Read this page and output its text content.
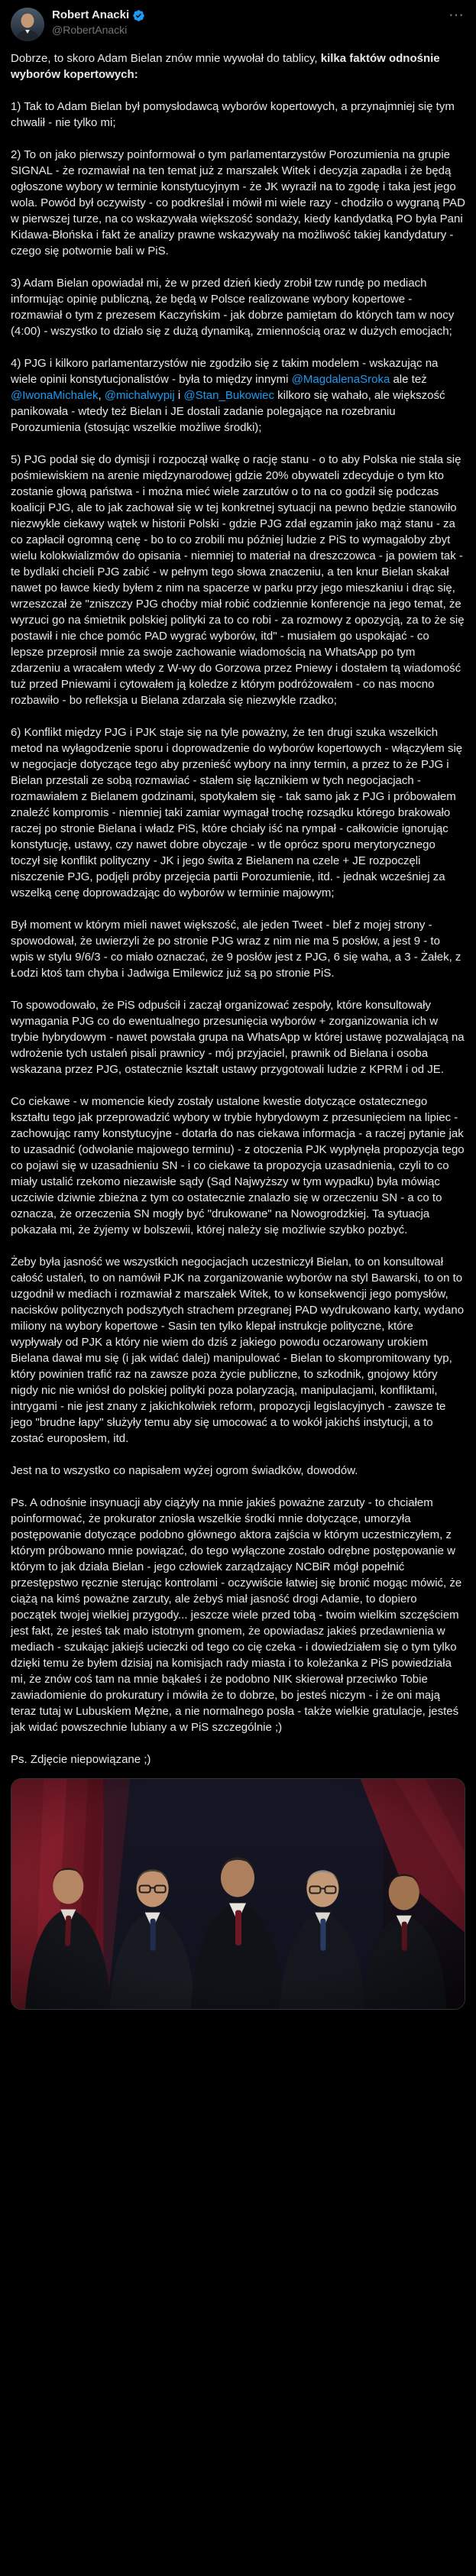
Robert Anacki
@RobertAnacki
⋯

Dobrze, to skoro Adam Bielan znów mnie wywołał do tablicy, kilka faktów odnośnie wyborów kopertowych:

1) Tak to Adam Bielan był pomysłodawcą wyborów kopertowych, a przynajmniej się tym chwalił - nie tylko mi;

2) To on jako pierwszy poinformował o tym parlamentarzystów Porozumienia na grupie SIGNAL - że rozmawiał na ten temat już z marszałek Witek i decyzja zapadła i że będą ogłoszone wybory w terminie konstytucyjnym - że JK wyraził na to zgodę i taka jest jego wola. Powód był oczywisty - co podkreślał i mówił mi wiele razy - chodziło o wygraną PAD w pierwszej turze, na co wskazywała większość sondaży, kiedy kandydatką PO była Pani Kidawa-Błońska i fakt że analizy prawne wskazywały na możliwość takiej kandydatury - czego się potwornie bali w PiS.

3) Adam Bielan opowiadał mi, że w przed dzień kiedy zrobił tzw rundę po mediach informując opinię publiczną, że będą w Polsce realizowane wybory kopertowe - rozmawiał o tym z prezesem Kaczyńskim - jak dobrze pamiętam do których tam w nocy (4:00) - wszystko to działo się z dużą dynamiką, zmiennością oraz w dużych emocjach;

4) PJG i kilkoro parlamentarzystów nie zgodziło się z takim modelem - wskazując na wiele opinii konstytucjonalistów - była to między innymi @MagdalenaSroka ale też @IwonaMichalek, @michalwypij i @Stan_Bukowiec kilkoro się wahało, ale większość panikowała - wtedy też Bielan i JE dostali zadanie polegające na rozebraniu Porozumienia (stosując wszelkie możliwe środki);

5) PJG podał się do dymisji i rozpoczął walkę o rację stanu - o to aby Polska nie stała się pośmiewiskiem na arenie międzynarodowej gdzie 20% obywateli zdecyduje o tym kto zostanie głową państwa - i można mieć wiele zarzutów o to na co godził się podczas koalicji PJG, ale to jak zachował się w tej konkretnej sytuacji na pewno będzie stanowiło niezwykle ciekawy wątek w historii Polski - gdzie PJG zdał egzamin jako mąż stanu - za co zapłacił ogromną cenę - bo to co zrobili mu później ludzie z PiS to wymagałoby zbyt wielu kolokwializmów do opisania - niemniej to materiał na dreszczowca - ja powiem tak - te bydlaki chcieli PJG zabić - w pełnym tego słowa znaczeniu, a ten knur Bielan skakał nawet po ławce kiedy byłem z nim na spacerze w parku przy jego mieszkaniu i drąc się, wrzeszczał że "zniszczy PJG choćby miał robić codziennie konferencje na jego temat, że wyrzuci go na śmietnik polskiej polityki za to co robi - za rozmowy z opozycją, za to że się postawił i nie chce pomóc PAD wygrać wyborów, itd" - musiałem go uspokajać - co lepsze przeprosił mnie za swoje zachowanie wiadomością na WhatsApp po tym zdarzeniu a wracałem wtedy z W-wy do Gorzowa przez Pniewy i dostałem tą wiadomość tuż przed Pniewami i cytowałem ją koledze z którym podróżowałem - co nas mocno rozbawiło - bo refleksja u Bielana zdarzała się niezwykle rzadko;

6) Konflikt między PJG i PJK staje się na tyle poważny, że ten drugi szuka wszelkich metod na wyłagodzenie sporu i doprowadzenie do wyborów kopertowych - włączyłem się w negocjacje dotyczące tego aby przenieść wybory na inny termin, a przez to że PJG i Bielan przestali ze sobą rozmawiać - stałem się łącznikiem w tych negocjacjach - rozmawiałem z Bielanem godzinami, spotykałem się - tak samo jak z PJG i próbowałem znaleźć kompromis - niemniej taki zamiar wymagał trochę rozsądku którego brakowało raczej po stronie Bielana i władz PiS, które chciały iść na rympał - całkowicie ignorując konstytucję, ustawy, czy nawet dobre obyczaje - w tle oprócz sporu merytorycznego toczył się konflikt polityczny - JK i jego świta z Bielanem na czele + JE rozpoczęli niszczenie PJG, podjęli próby przejęcia partii Porozumienie, itd. - jednak wcześniej za wszelką cenę doprowadzając do wyborów w terminie majowym;

Był moment w którym mieli nawet większość, ale jeden Tweet - blef z mojej strony - spowodował, że uwierzyli że po stronie PJG wraz z nim nie ma 5 posłów, a jest 9 - to wpis w stylu 9/6/3 - co miało oznaczać, że 9 posłów jest z PJG, 6 się waha, a 3 - Żałek, z Łodzi ktoś tam chyba i Jadwiga Emilewicz już są po stronie PiS.

To spowodowało, że PiS odpuścił i zaczął organizować zespoły, które konsultowały wymagania PJG co do ewentualnego przesunięcia wyborów + zorganizowania ich w trybie hybrydowym - nawet powstała grupa na WhatsApp w której ustawę pozwalającą na wdrożenie tych ustaleń pisali prawnicy - mój przyjaciel, prawnik od Bielana i osoba wskazana przez PJG, ostatecznie kształt ustawy przygotowali ludzie z KPRM i od JE.

Co ciekawe - w momencie kiedy zostały ustalone kwestie dotyczące ostatecznego kształtu tego jak przeprowadzić wybory w trybie hybrydowym z przesunięciem na lipiec - zachowując ramy konstytucyjne - dotarła do nas ciekawa informacja - a raczej pytanie jak to uzasadnić (odwołanie majowego terminu) - z otoczenia PJK wypłynęła propozycja tego co pojawi się w uzasadnieniu SN - i co ciekawe ta propozycja uzasadnienia, czyli to co miały ustalić rzekomo niezawisłe sądy (Sąd Najwyższy w tym wypadku) była mówiąc uczciwie dziwnie zbieżna z tym co ostatecznie znalazło się w orzeczeniu SN - a co to oznacza, że orzeczenia SN mogły być "drukowane" na Nowogrodzkiej. Ta sytuacja pokazała mi, że żyjemy w bolszewii, której należy się możliwie szybko pozbyć.

Żeby była jasność we wszystkich negocjacjach uczestniczył Bielan, to on konsultował całość ustaleń, to on namówił PJK na zorganizowanie wyborów na styl Bawarski, to on to uzgodnił w mediach i rozmawiał z marszałek Witek, to w konsekwencji jego pomysłów, nacisków politycznych podszytych strachem przegranej PAD wydrukowano karty, wydano miliony na wybory kopertowe - Sasin ten tylko klepał instrukcje polityczne, które wypływały od PJK a który nie wiem do dziś z jakiego powodu oczarowany urokiem Bielana dawał mu się (i jak widać dalej) manipulować - Bielan to skompromitowany typ, który powinien trafić raz na zawsze poza życie publiczne, to szkodnik, gnojowy który nigdy nic nie wniósł do polskiej polityki poza polaryzacją, manipulacjami, konfliktami, intrygami - nie jest znany z jakichkolwiek reform, propozycji legislacyjnych - zawsze te jego "brudne łapy" służyły temu aby się umocować a to wokół jakichś instytucji, a to zostać europosłem, itd.

Jest na to wszystko co napisałem wyżej ogrom świadków, dowodów.

Ps. A odnośnie insynuacji aby ciążyły na mnie jakieś poważne zarzuty - to chciałem poinformować, że prokurator zniosła wszelkie środki mnie dotyczące, umorzyła postępowanie dotyczące podobno głównego aktora zajścia w którym uczestniczyłem, z którym próbowano mnie powiązać, do tego wyłączone zostało odrębne postępowanie w którym to jak działa Bielan - jego człowiek zarządzający NCBiR mógł popełnić przestępstwo ręcznie sterując kontrolami - oczywiście łatwiej się bronić mogąc mówić, że ciążą na kimś poważne zarzuty, ale żebyś miał jasność drogi Adamie, to dopiero początek twojej wielkiej przygody... jeszcze wiele przed tobą - twoim wielkim szczęściem jest fakt, że jesteś tak mało istotnym gnomem, że opowiadasz jakieś przedawnienia w mediach - szukając jakiejś ucieczki od tego co cię czeka - i dowiedziałem się o tym tylko dzięki temu że byłem dzisiaj na komisjach rady miasta i to koleżanka z PiS powiedziała mi, że znów coś tam na mnie bąkałeś i że podobno NIK skierował przeciwko Tobie zawiadomienie do prokuratury i mówiła że to dobrze, bo jesteś niczym - i że oni mają teraz tutaj w Lubuskiem Mężne, a nie normalnego posła - także wielkie gratulacje, jesteś jak widać powszechnie lubiany a w PiS szczególnie ;)

Ps. Zdjęcie niepowiązane ;)
